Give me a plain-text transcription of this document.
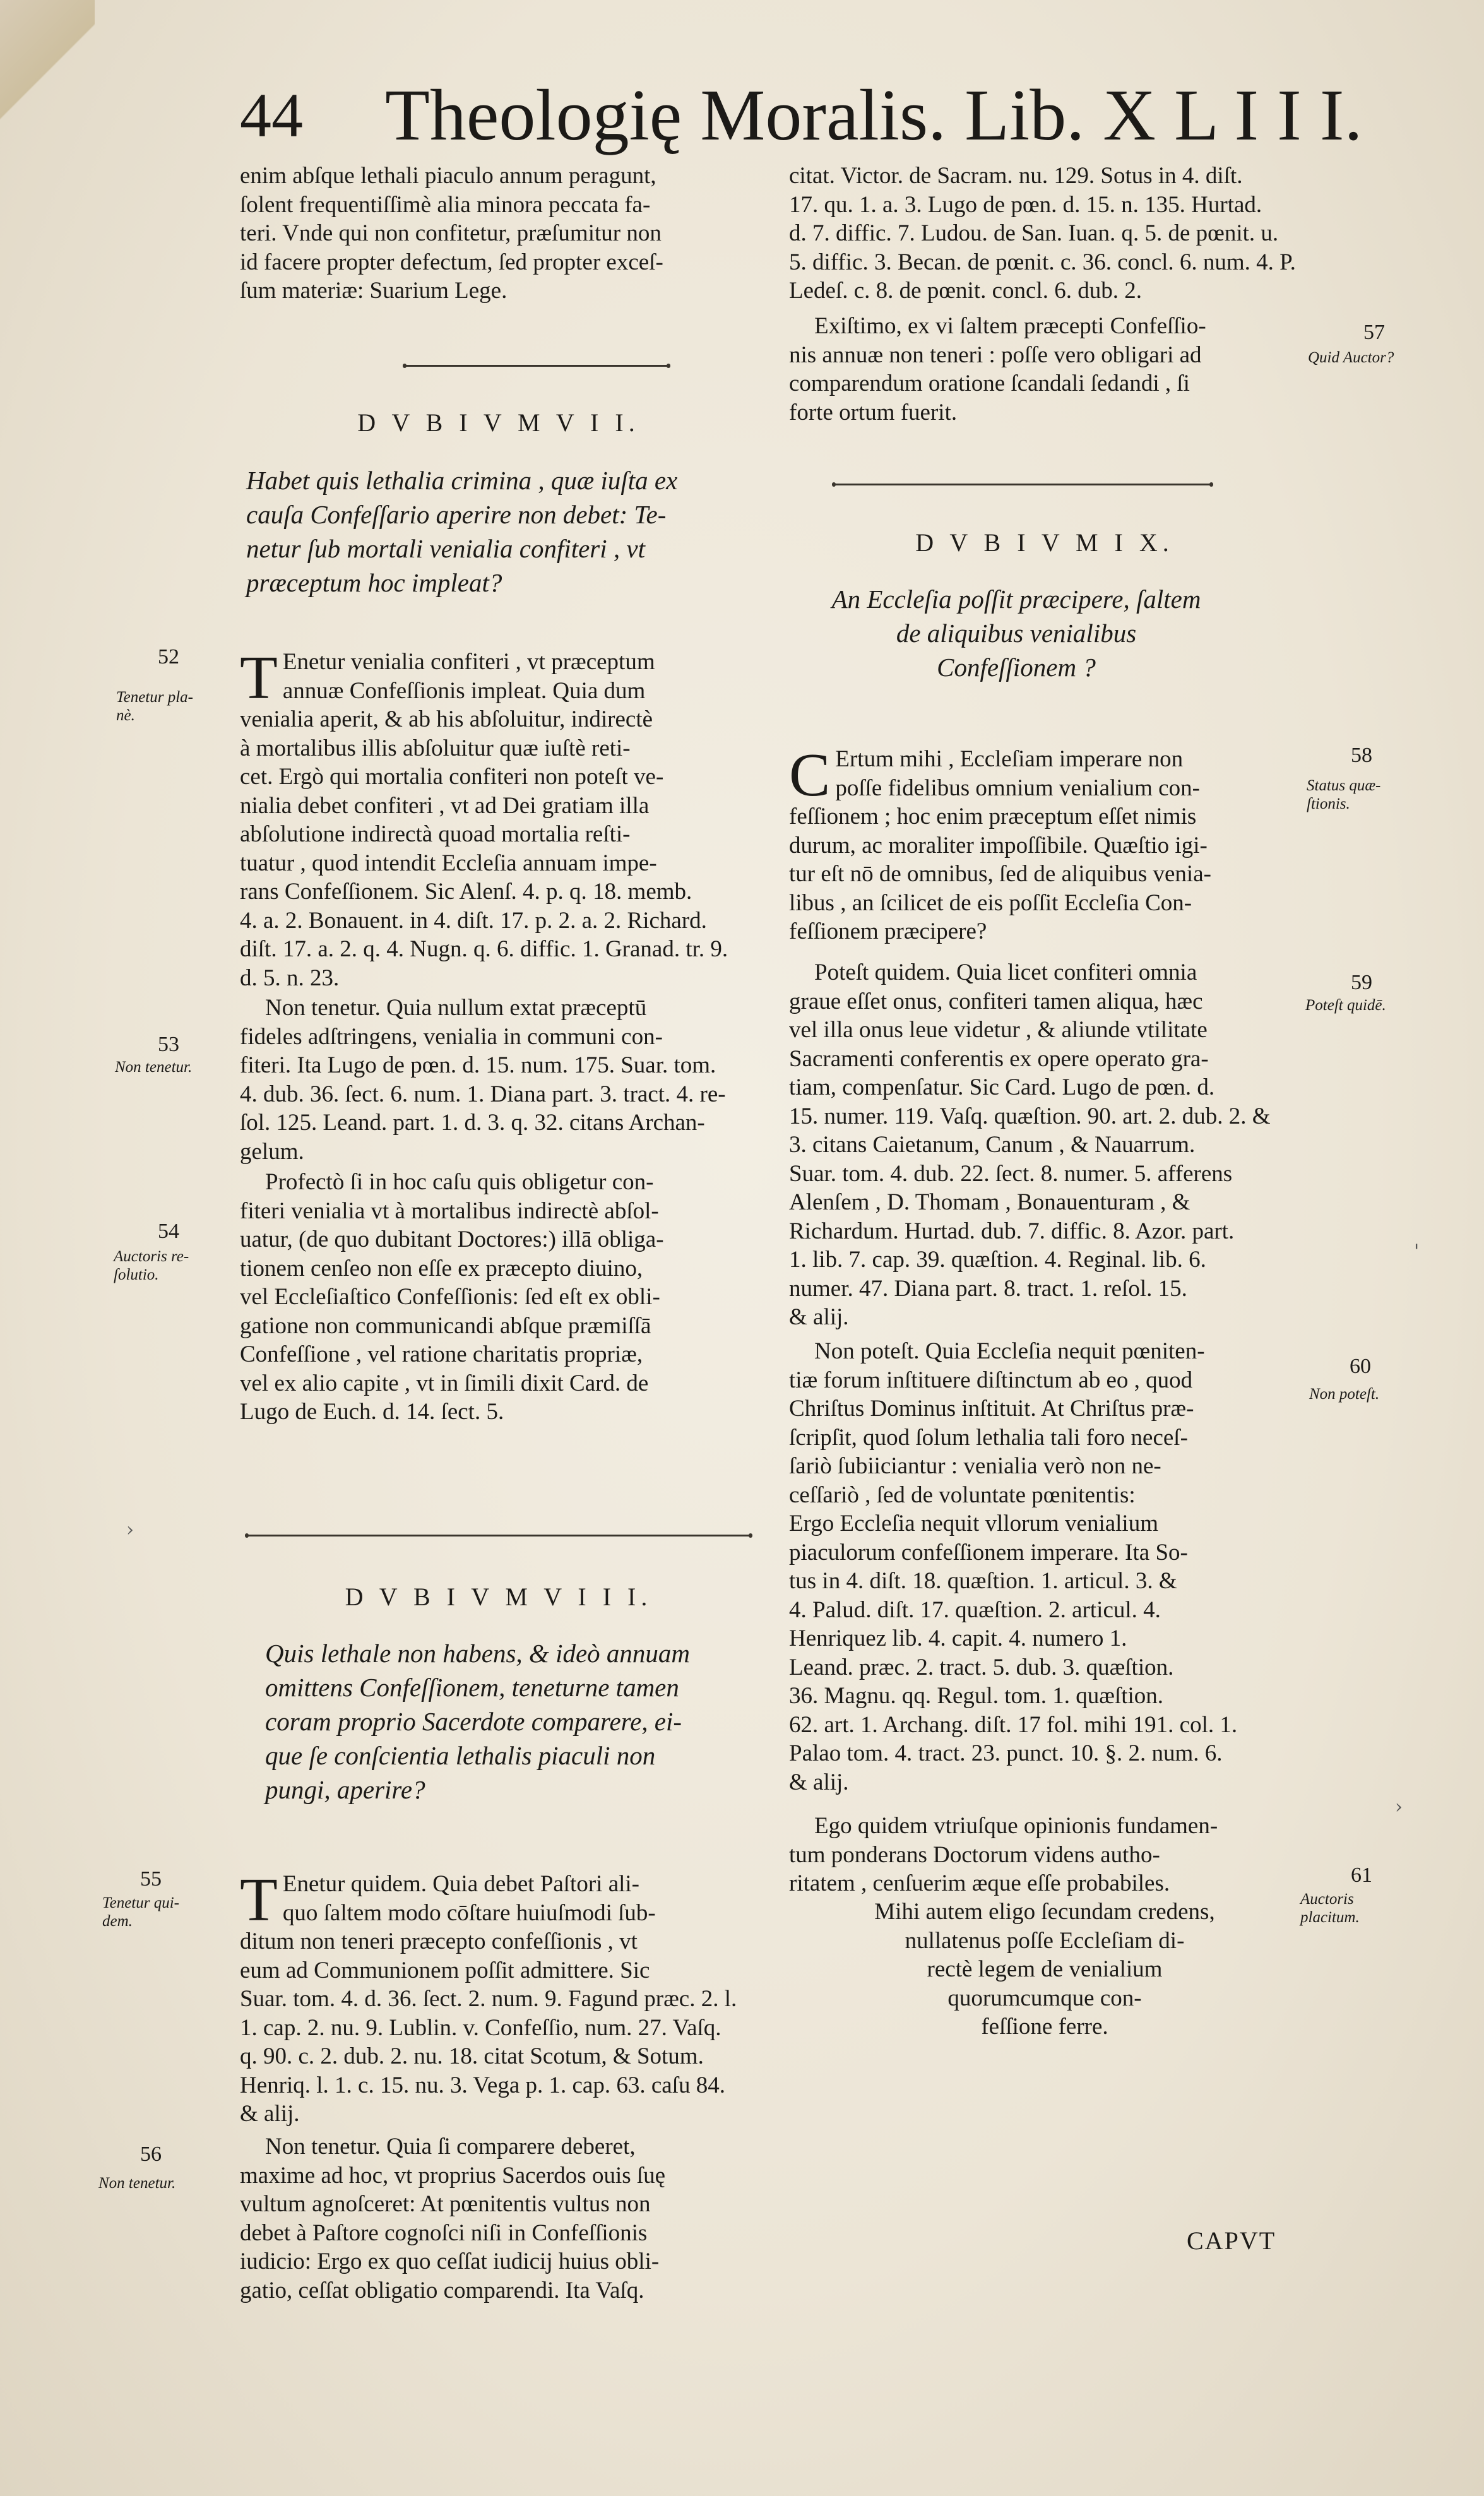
44 Theologię Moralis. Lib. X L I I I.
enim abſque lethali piaculo annum peragunt,
ſolent frequentiſſimè alia minora peccata fa-
teri. Vnde qui non confitetur, præſumitur non
id facere propter defectum, ſed propter exceſ-
ſum materiæ: Suarium Lege.
D V B I V M V I I.
Habet quis lethalia crimina , quæ iuſta ex
cauſa Confeſſario aperire non debet: Te-
netur ſub mortali venialia confiteri , vt
præceptum hoc impleat?
T Enetur venialia confiteri , vt præceptum
annuæ Confeſſionis impleat. Quia dum
venialia aperit, & ab his abſoluitur, indirectè
à mortalibus illis abſoluitur quæ iuſtè reti-
cet. Ergò qui mortalia confiteri non poteſt ve-
nialia debet confiteri , vt ad Dei gratiam illa
abſolutione indirectà quoad mortalia reſti-
tuatur , quod intendit Eccleſia annuam impe-
rans Confeſſionem. Sic Alenſ. 4. p. q. 18. memb.
4. a. 2. Bonauent. in 4. diſt. 17. p. 2. a. 2. Richard.
diſt. 17. a. 2. q. 4. Nugn. q. 6. diffic. 1. Granad. tr. 9.
d. 5. n. 23.
Non tenetur. Quia nullum extat præceptū
fideles adſtringens, venialia in communi con-
fiteri. Ita Lugo de pœn. d. 15. num. 175. Suar. tom.
4. dub. 36. ſect. 6. num. 1. Diana part. 3. tract. 4. re-
ſol. 125. Leand. part. 1. d. 3. q. 32. citans Archan-
gelum.
Profectò ſi in hoc caſu quis obligetur con-
fiteri venialia vt à mortalibus indirectè abſol-
uatur, (de quo dubitant Doctores:) illā obliga-
tionem cenſeo non eſſe ex præcepto diuino,
vel Eccleſiaſtico Confeſſionis: ſed eſt ex obli-
gatione non communicandi abſque præmiſſā
Confeſſione , vel ratione charitatis propriæ,
vel ex alio capite , vt in ſimili dixit Card. de
Lugo de Euch. d. 14. ſect. 5.
D V B I V M V I I I.
Quis lethale non habens, & ideò annuam
omittens Confeſſionem, teneturne tamen
coram proprio Sacerdote comparere, ei-
que ſe conſcientia lethalis piaculi non
pungi, aperire?
T Enetur quidem. Quia debet Paſtori ali-
quo ſaltem modo cōſtare huiuſmodi ſub-
ditum non teneri præcepto confeſſionis , vt
eum ad Communionem poſſit admittere. Sic
Suar. tom. 4. d. 36. ſect. 2. num. 9. Fagund præc. 2. l.
1. cap. 2. nu. 9. Lublin. v. Confeſſio, num. 27. Vaſq.
q. 90. c. 2. dub. 2. nu. 18. citat Scotum, & Sotum.
Henriq. l. 1. c. 15. nu. 3. Vega p. 1. cap. 63. caſu 84.
& alij.
Non tenetur. Quia ſi comparere deberet,
maxime ad hoc, vt proprius Sacerdos ouis ſuę
vultum agnoſceret: At pœnitentis vultus non
debet à Paſtore cognoſci niſi in Confeſſionis
iudicio: Ergo ex quo ceſſat iudicij huius obli-
gatio, ceſſat obligatio comparendi. Ita Vaſq.
52
Tenetur pla-
nè.
53
Non tenetur.
54
Auctoris re-
ſolutio.
55
Tenetur qui-
dem.
56
Non tenetur.
citat. Victor. de Sacram. nu. 129. Sotus in 4. diſt.
17. qu. 1. a. 3. Lugo de pœn. d. 15. n. 135. Hurtad.
d. 7. diffic. 7. Ludou. de San. Iuan. q. 5. de pœnit. u.
5. diffic. 3. Becan. de pœnit. c. 36. concl. 6. num. 4. P.
Ledeſ. c. 8. de pœnit. concl. 6. dub. 2.
Exiſtimo, ex vi ſaltem præcepti Confeſſio-
nis annuæ non teneri : poſſe vero obligari ad
comparendum oratione ſcandali ſedandi , ſi
forte ortum fuerit.
D V B I V M I X.
An Eccleſia poſſit præcipere, ſaltem
de aliquibus venialibus
Confeſſionem ?
C Ertum mihi , Eccleſiam imperare non
poſſe fidelibus omnium venialium con-
feſſionem ; hoc enim præceptum eſſet nimis
durum, ac moraliter impoſſibile. Quæſtio igi-
tur eſt nō de omnibus, ſed de aliquibus venia-
libus , an ſcilicet de eis poſſit Eccleſia Con-
feſſionem præcipere?
Poteſt quidem. Quia licet confiteri omnia
graue eſſet onus, confiteri tamen aliqua, hæc
vel illa onus leue videtur , & aliunde vtilitate
Sacramenti conferentis ex opere operato gra-
tiam, compenſatur. Sic Card. Lugo de pœn. d.
15. numer. 119. Vaſq. quæſtion. 90. art. 2. dub. 2. &
3. citans Caietanum, Canum , & Nauarrum.
Suar. tom. 4. dub. 22. ſect. 8. numer. 5. afferens
Alenſem , D. Thomam , Bonauenturam , &
Richardum. Hurtad. dub. 7. diffic. 8. Azor. part.
1. lib. 7. cap. 39. quæſtion. 4. Reginal. lib. 6.
numer. 47. Diana part. 8. tract. 1. reſol. 15.
& alij.
Non poteſt. Quia Eccleſia nequit pœniten-
tiæ forum inſtituere diſtinctum ab eo , quod
Chriſtus Dominus inſtituit. At Chriſtus præ-
ſcripſit, quod ſolum lethalia tali foro neceſ-
ſariò ſubiiciantur : venialia verò non ne-
ceſſariò , ſed de voluntate pœnitentis:
Ergo Eccleſia nequit vllorum venialium
piaculorum confeſſionem imperare. Ita So-
tus in 4. diſt. 18. quæſtion. 1. articul. 3. &
4. Palud. diſt. 17. quæſtion. 2. articul. 4.
Henriquez lib. 4. capit. 4. numero 1.
Leand. præc. 2. tract. 5. dub. 3. quæſtion.
36. Magnu. qq. Regul. tom. 1. quæſtion.
62. art. 1. Archang. diſt. 17 fol. mihi 191. col. 1.
Palao tom. 4. tract. 23. punct. 10. §. 2. num. 6.
& alij.
Ego quidem vtriuſque opinionis fundamen-
tum ponderans Doctorum videns autho-
ritatem , cenſuerim æque eſſe probabiles.
Mihi autem eligo ſecundam credens,
nullatenus poſſe Eccleſiam di-
rectè legem de venialium
quorumcumque con-
feſſione ferre.
CAPVT
57
Quid Auctor?
58
Status quæ-
ſtionis.
59
Poteſt quidē.
60
Non poteſt.
61
Auctoris
placitum.
›
'
›
